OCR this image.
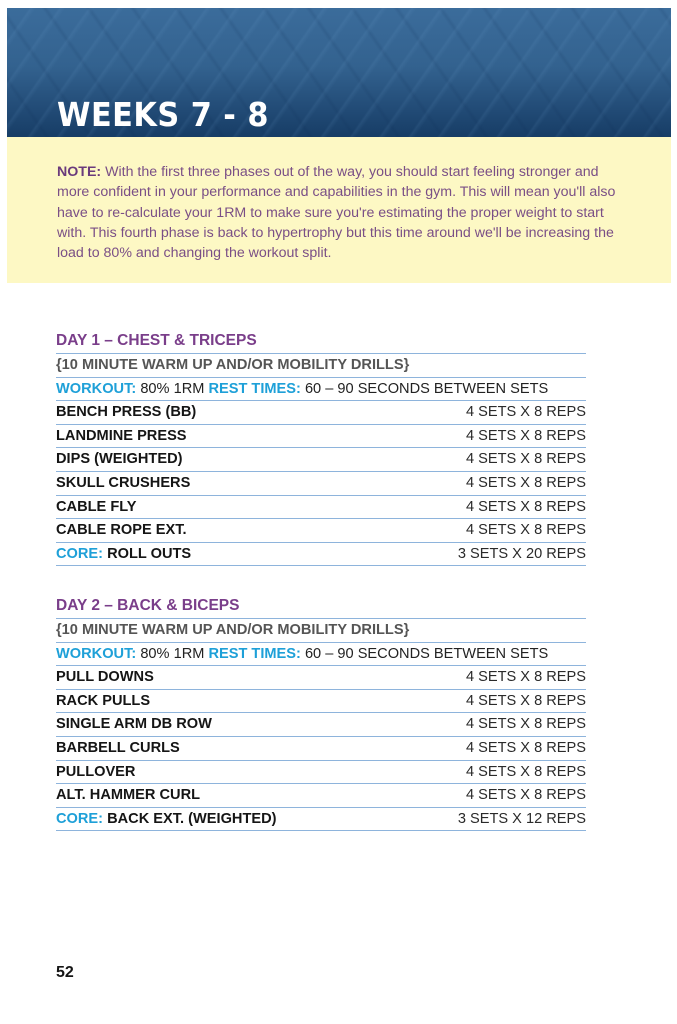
WEEKS 7 - 8
NOTE: With the first three phases out of the way, you should start feeling stronger and more confident in your performance and capabilities in the gym. This will mean you'll also have to re-calculate your 1RM to make sure you're estimating the proper weight to start with. This fourth phase is back to hypertrophy but this time around we'll be increasing the load to 80% and changing the workout split.
DAY 1 – CHEST & TRICEPS
{10 MINUTE WARM UP AND/OR MOBILITY DRILLS}
WORKOUT: 80% 1RM REST TIMES: 60 – 90 SECONDS BETWEEN SETS
BENCH PRESS (BB)	4 SETS X 8 REPS
LANDMINE PRESS	4 SETS X 8 REPS
DIPS (WEIGHTED)	4 SETS X 8 REPS
SKULL CRUSHERS	4 SETS X 8 REPS
CABLE FLY	4 SETS X 8 REPS
CABLE ROPE EXT.	4 SETS X 8 REPS
CORE: ROLL OUTS	3 SETS X 20 REPS
DAY 2 – BACK & BICEPS
{10 MINUTE WARM UP AND/OR MOBILITY DRILLS}
WORKOUT: 80% 1RM REST TIMES: 60 – 90 SECONDS BETWEEN SETS
PULL DOWNS	4 SETS X 8 REPS
RACK PULLS	4 SETS X 8 REPS
SINGLE ARM DB ROW	4 SETS X 8 REPS
BARBELL CURLS	4 SETS X 8 REPS
PULLOVER	4 SETS X 8 REPS
ALT. HAMMER CURL	4 SETS X 8 REPS
CORE: BACK EXT. (WEIGHTED)	3 SETS X 12 REPS
52
